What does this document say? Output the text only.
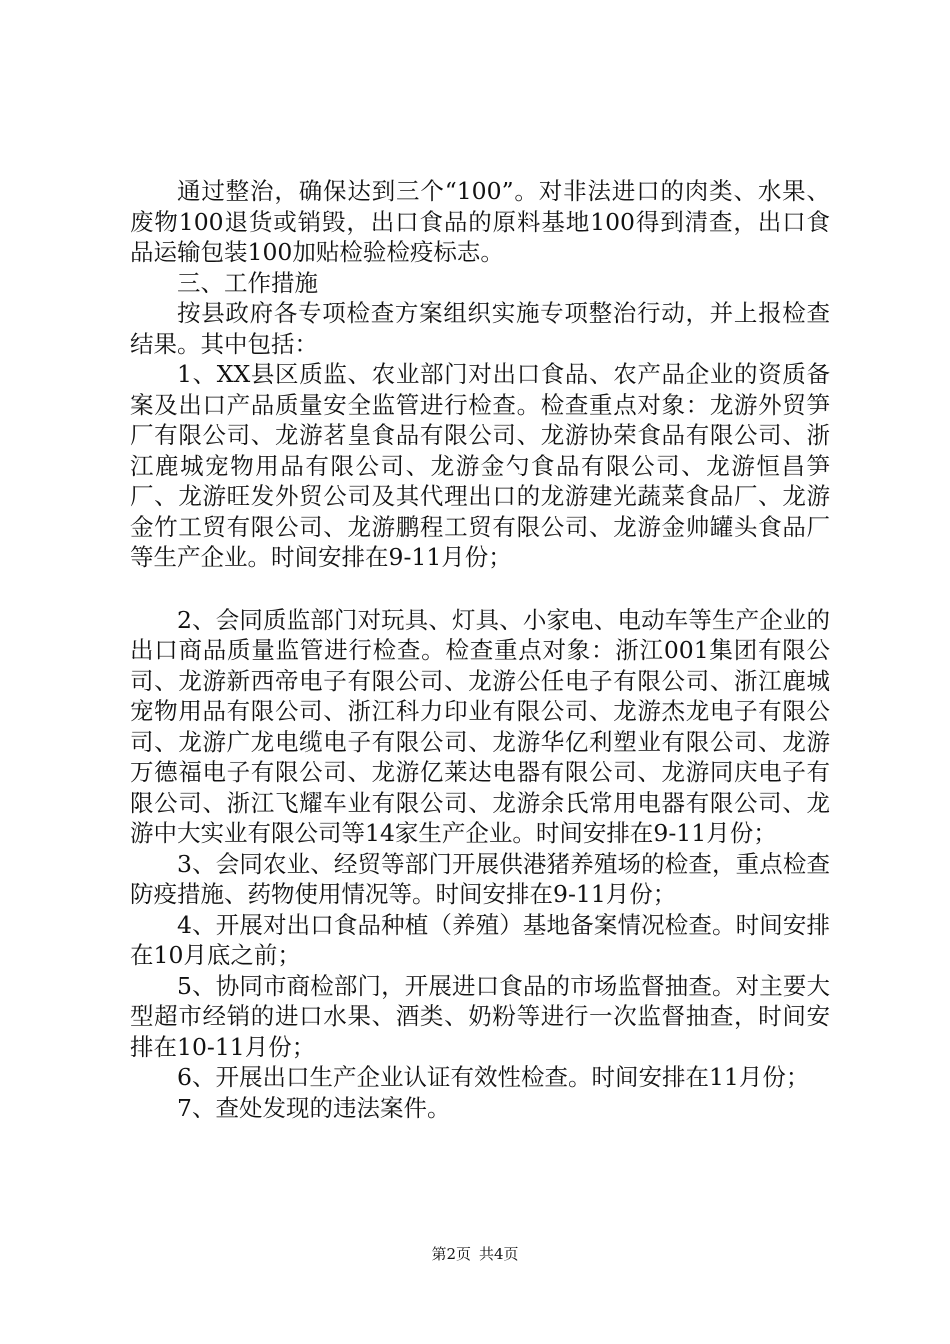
通过整治，确保达到三个“100”。对非法进口的肉类、水果、废物100退货或销毁，出口食品的原料基地100得到清查，出口食品运输包装100加贴检验检疫标志。

三、工作措施

按县政府各专项检查方案组织实施专项整治行动，并上报检查结果。其中包括：

1、XX县区质监、农业部门对出口食品、农产品企业的资质备案及出口产品质量安全监管进行检查。检查重点对象：龙游外贸笋厂有限公司、龙游茗皇食品有限公司、龙游协荣食品有限公司、浙江鹿城宠物用品有限公司、龙游金勺食品有限公司、龙游恒昌笋厂、龙游旺发外贸公司及其代理出口的龙游建光蔬菜食品厂、龙游金竹工贸有限公司、龙游鹏程工贸有限公司、龙游金帅罐头食品厂等生产企业。时间安排在9-11月份；

2、会同质监部门对玩具、灯具、小家电、电动车等生产企业的出口商品质量监管进行检查。检查重点对象：浙江001集团有限公司、龙游新西帝电子有限公司、龙游公任电子有限公司、浙江鹿城宠物用品有限公司、浙江科力印业有限公司、龙游杰龙电子有限公司、龙游广龙电缆电子有限公司、龙游华亿利塑业有限公司、龙游万德福电子有限公司、龙游亿莱达电器有限公司、龙游同庆电子有限公司、浙江飞耀车业有限公司、龙游余氏常用电器有限公司、龙游中大实业有限公司等14家生产企业。时间安排在9-11月份；

3、会同农业、经贸等部门开展供港猪养殖场的检查，重点检查防疫措施、药物使用情况等。时间安排在9-11月份；

4、开展对出口食品种植（养殖）基地备案情况检查。时间安排在10月底之前；

5、协同市商检部门，开展进口食品的市场监督抽查。对主要大型超市经销的进口水果、酒类、奶粉等进行一次监督抽查，时间安排在10-11月份；

6、开展出口生产企业认证有效性检查。时间安排在11月份；

7、查处发现的违法案件。

第2页 共4页
